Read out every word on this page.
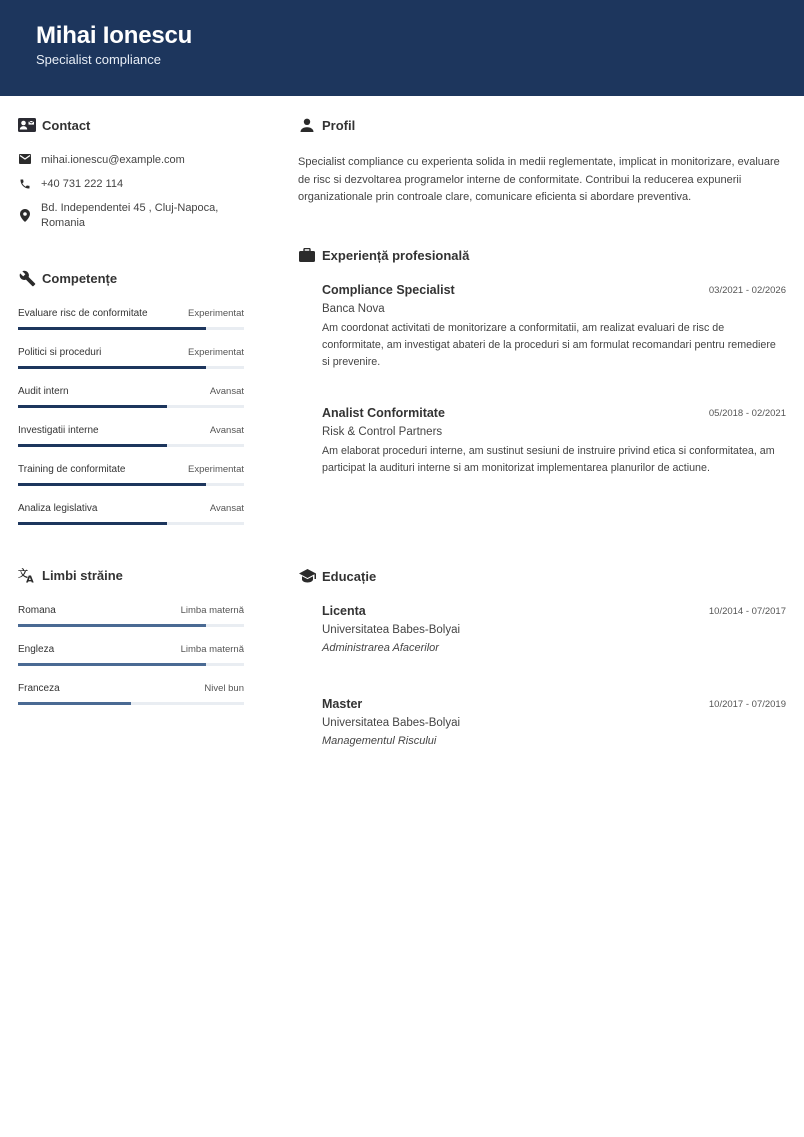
Mihai Ionescu
Specialist compliance
Contact
mihai.ionescu@example.com
+40 731 222 114
Bd. Independentei 45 , Cluj-Napoca,
Romania
Competențe
Evaluare risc de conformitate	Experimentat
Politici si proceduri	Experimentat
Audit intern	Avansat
Investigatii interne	Avansat
Training de conformitate	Experimentat
Analiza legislativa	Avansat
文
A Limbi străine
Romana	Limba maternă
Engleza	Limba maternă
Franceza	Nivel bun
Profil
Specialist compliance cu experienta solida in medii reglementate, implicat in monitorizare, evaluare de risc si dezvoltarea programelor interne de conformitate. Contribui la reducerea expunerii organizationale prin controale clare, comunicare eficienta si abordare preventiva.
Experiență profesională
Compliance Specialist	03/2021 - 02/2026
Banca Nova
Am coordonat activitati de monitorizare a conformitatii, am realizat evaluari de risc de conformitate, am investigat abateri de la proceduri si am formulat recomandari pentru remediere si prevenire.
Analist Conformitate	05/2018 - 02/2021
Risk & Control Partners
Am elaborat proceduri interne, am sustinut sesiuni de instruire privind etica si conformitatea, am participat la audituri interne si am monitorizat implementarea planurilor de actiune.
Educație
Licenta	10/2014 - 07/2017
Universitatea Babes-Bolyai
Administrarea Afacerilor
Master	10/2017 - 07/2019
Universitatea Babes-Bolyai
Managementul Riscului
